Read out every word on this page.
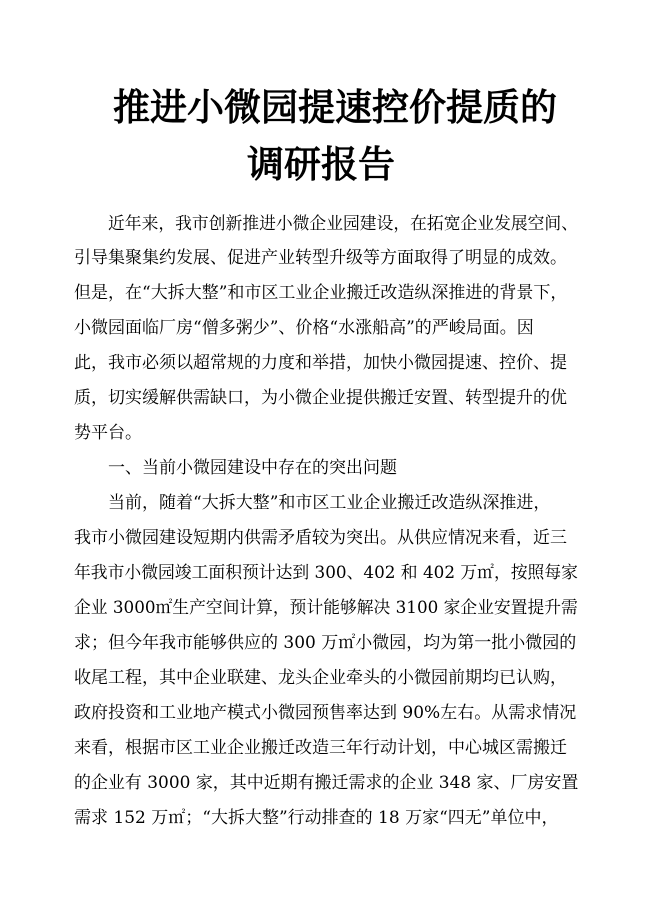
推进小微园提速控价提质的
调研报告

近年来，我市创新推进小微企业园建设，在拓宽企业发展空间、

引导集聚集约发展、促进产业转型升级等方面取得了明显的成效。

但是，在“大拆大整”和市区工业企业搬迁改造纵深推进的背景下，

小微园面临厂房“僧多粥少”、价格“水涨船高”的严峻局面。因

此，我市必须以超常规的力度和举措，加快小微园提速、控价、提

质，切实缓解供需缺口，为小微企业提供搬迁安置、转型提升的优

势平台。

一、当前小微园建设中存在的突出问题

当前，随着“大拆大整”和市区工业企业搬迁改造纵深推进，

我市小微园建设短期内供需矛盾较为突出。从供应情况来看，近三

年我市小微园竣工面积预计达到 300、402 和 402 万㎡，按照每家

企业 3000㎡生产空间计算，预计能够解决 3100 家企业安置提升需

求；但今年我市能够供应的 300 万㎡小微园，均为第一批小微园的

收尾工程，其中企业联建、龙头企业牵头的小微园前期均已认购，

政府投资和工业地产模式小微园预售率达到 90%左右。从需求情况

来看，根据市区工业企业搬迁改造三年行动计划，中心城区需搬迁

的企业有 3000 家，其中近期有搬迁需求的企业 348 家、厂房安置

需求 152 万㎡；“大拆大整”行动排查的 18 万家“四无”单位中，
